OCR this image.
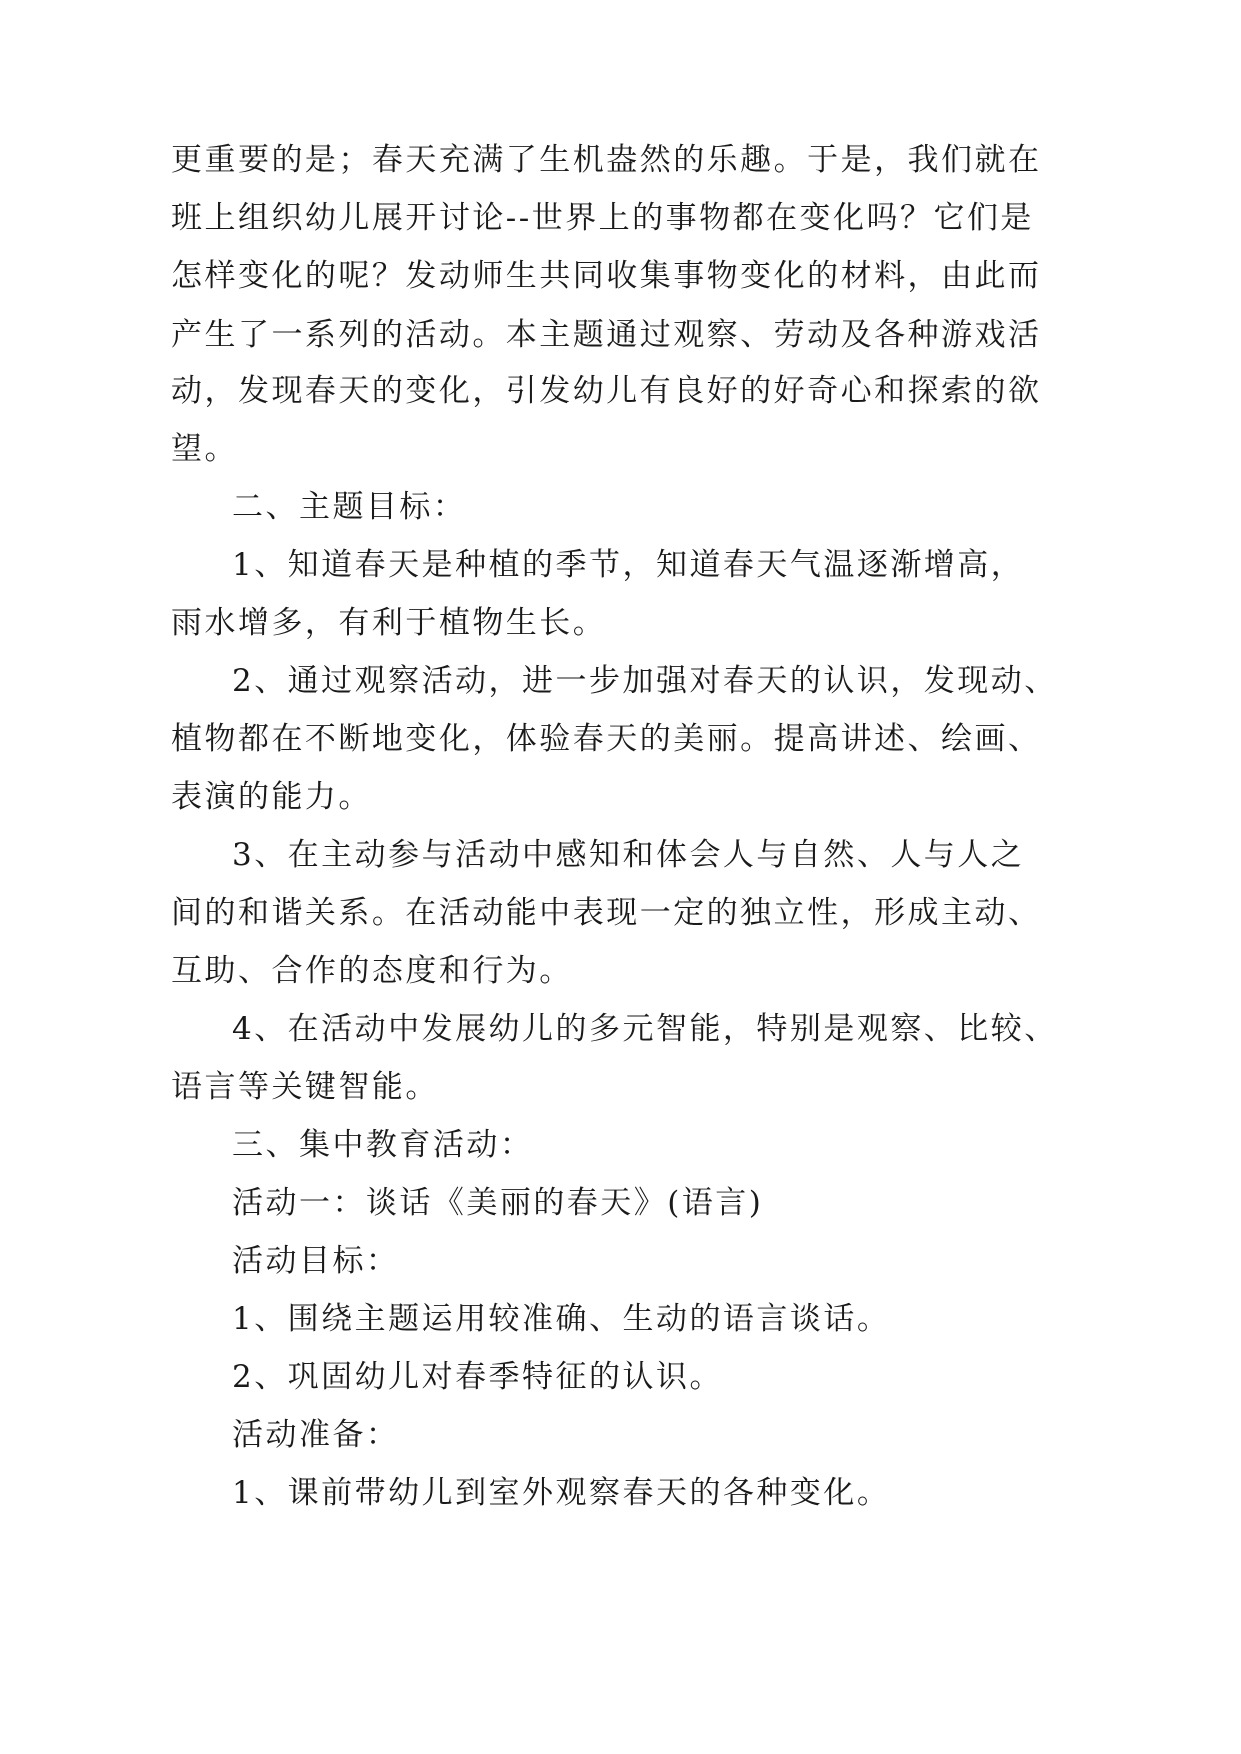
更重要的是；春天充满了生机盎然的乐趣。于是，我们就在
班上组织幼儿展开讨论--世界上的事物都在变化吗？它们是
怎样变化的呢？发动师生共同收集事物变化的材料，由此而
产生了一系列的活动。本主题通过观察、劳动及各种游戏活
动，发现春天的变化，引发幼儿有良好的好奇心和探索的欲
望。
二、主题目标：
1、知道春天是种植的季节，知道春天气温逐渐增高，
雨水增多，有利于植物生长。
2、通过观察活动，进一步加强对春天的认识，发现动、
植物都在不断地变化，体验春天的美丽。提高讲述、绘画、
表演的能力。
3、在主动参与活动中感知和体会人与自然、人与人之
间的和谐关系。在活动能中表现一定的独立性，形成主动、
互助、合作的态度和行为。
4、在活动中发展幼儿的多元智能，特别是观察、比较、
语言等关键智能。
三、集中教育活动：
活动一：谈话《美丽的春天》(语言)
活动目标：
1、围绕主题运用较准确、生动的语言谈话。
2、巩固幼儿对春季特征的认识。
活动准备：
1、课前带幼儿到室外观察春天的各种变化。
